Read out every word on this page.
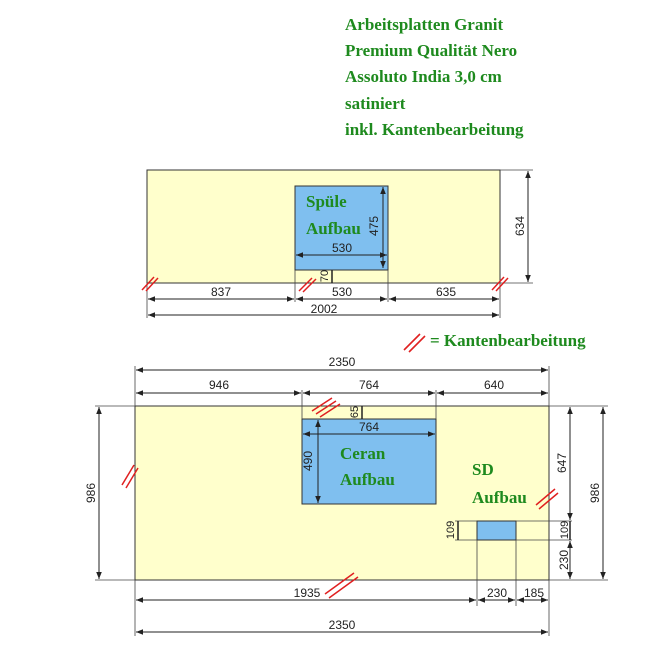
Arbeitsplatten Granit
Premium Qualität Nero
Assoluto India 3,0 cm
satiniert
inkl. Kantenbearbeitung
Spüle
Aufbau	634
475
530
70
837	530	635
2002
Ceran
Aufbau
SD
Aufbau
2350
946	764	640
65
764
490
986	986
647
109	109
230
1935	230 185
2350
= Kantenbearbeitung
